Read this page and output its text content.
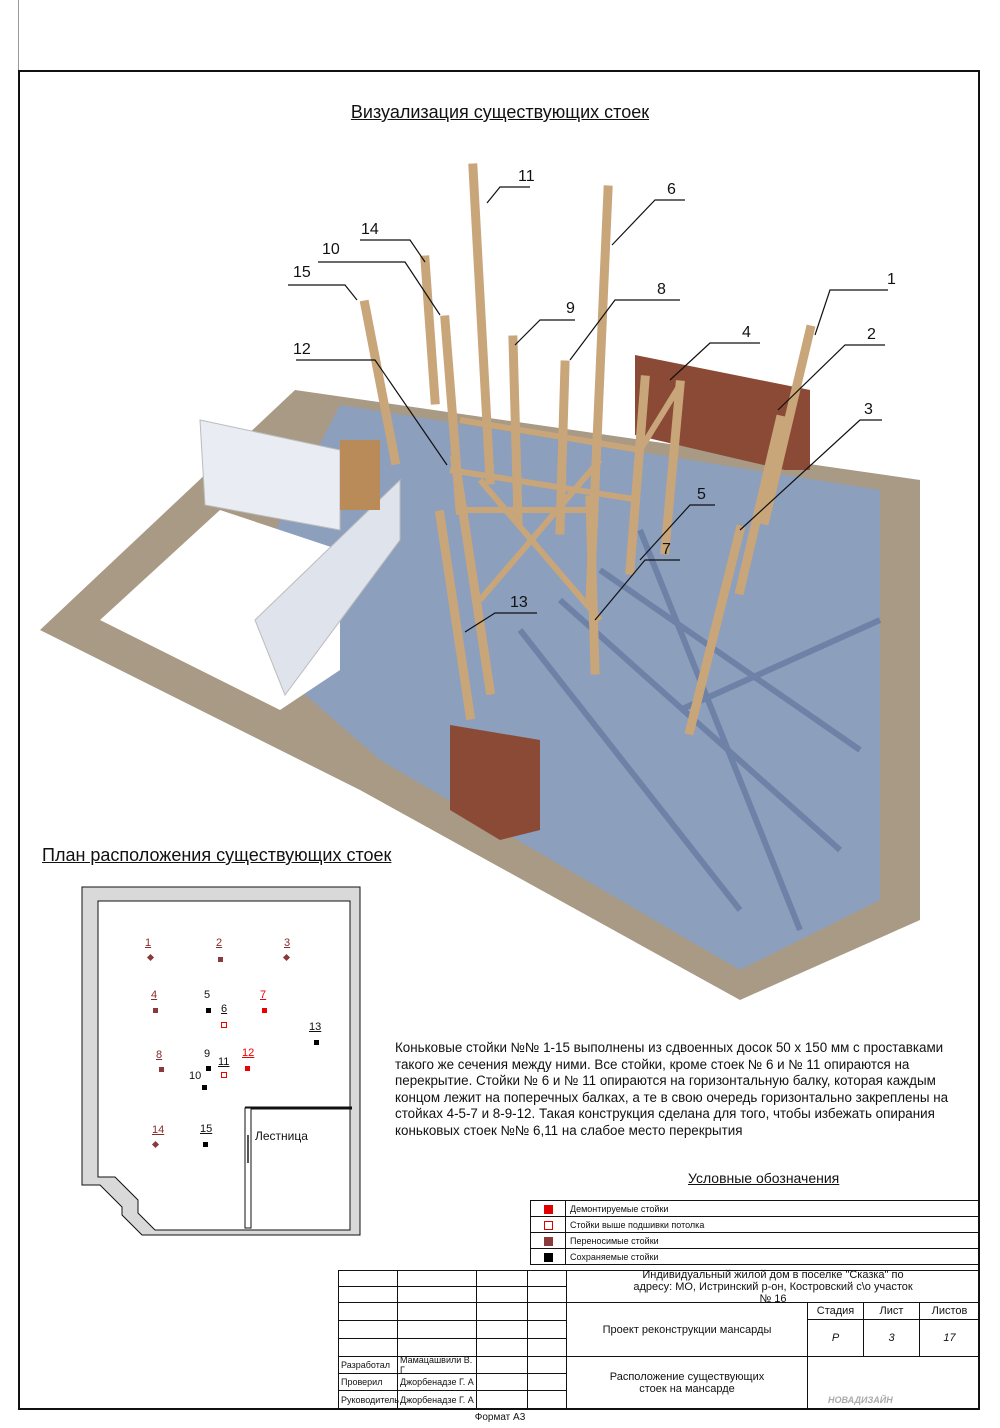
Визуализация существующих стоек
1
2
3
4
5
6
7
8
9
10
11
12
13
14
15
План расположения существующих стоек
1	2	3
4	5
6
7
8	9
10
11
12
13
14	15	Лестница
Коньковые стойки №№ 1-15 выполнены из сдвоенных досок 50 х 150 мм с проставками такого же сечения между ними. Все стойки, кроме стоек № 6 и № 11 опираются на перекрытие. Стойки № 6 и № 11 опираются на горизонтальную балку, которая каждым концом лежит на поперечных балках, а те в свою очередь горизонтально закреплены на стойках 4-5-7 и 8-9-12. Такая конструкция сделана для того, чтобы избежать опирания коньковых стоек №№ 6,11 на слабое место перекрытия
Условные обозначения
	Демонтируемые стойки
	Стойки выше подшивки потолка
	Переносимые стойки
	Сохраняемые стойки
Разработал	Мамацашвили В. Г
Проверил	Джорбенадзе Г. А
Руководитель Джорбенадзе Г. А
Индивидуальный жилой дом в поселке "Сказка" по адресу: МО, Истринский р-он, Костровский с\о участок № 16
Проект реконструкции мансарды
Стадия	Лист	Листов
Р	3	17
Расположение существующих стоек на мансарде
НОВАДИЗАЙН
Формат А3
